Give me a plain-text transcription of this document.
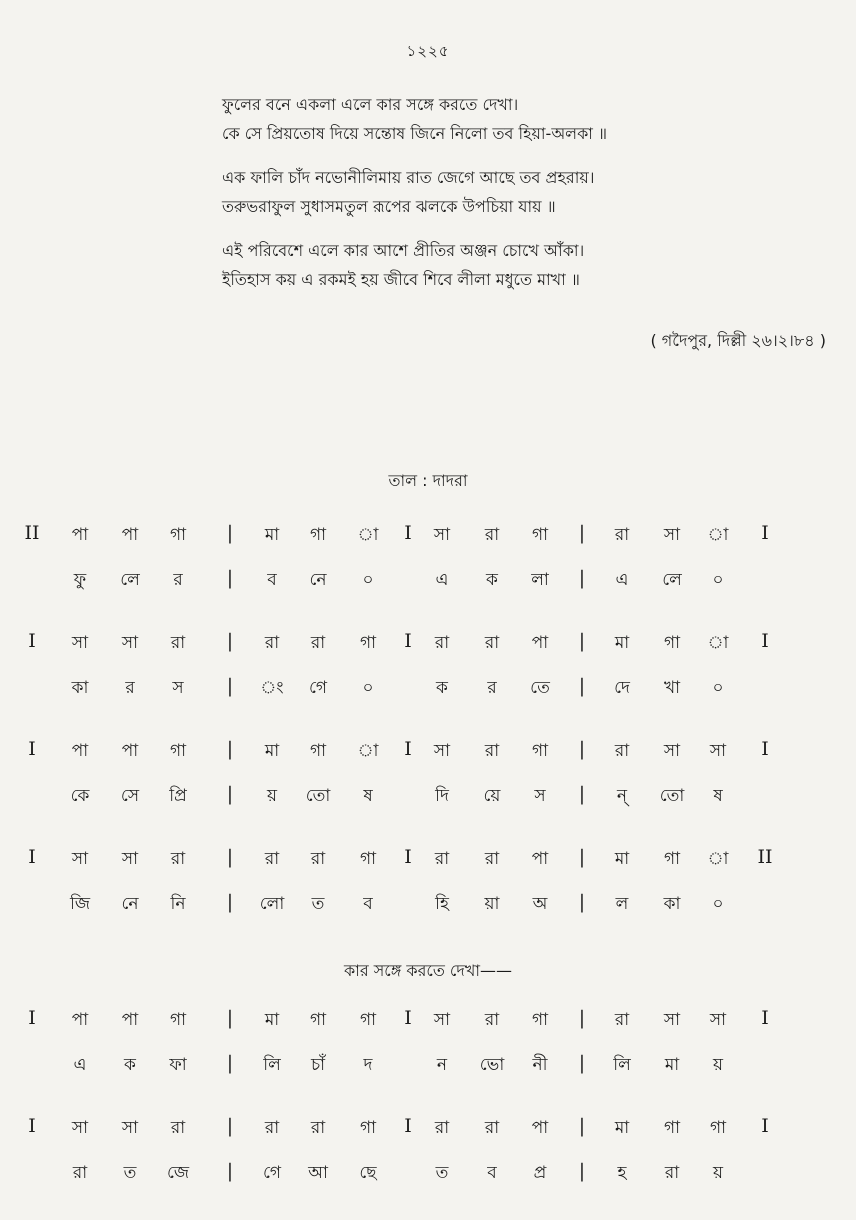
১২২৫
ফুলের বনে একলা এলে কার সঙ্গে করতে দেখা।
কে সে প্রিয়তোষ দিয়ে সন্তোষ জিনে নিলো তব হিয়া-অলকা ॥
এক ফালি চাঁদ নভোনীলিমায় রাত জেগে আছে তব প্রহরায়।
তরুভরাফুল সুধাসমতুল রূপের ঝলকে উপচিয়া যায় ॥
এই পরিবেশে এলে কার আশে প্রীতির অঞ্জন চোখে আঁকা।
ইতিহাস কয় এ রকমই হয় জীবে শিবে লীলা মধুতে মাখা ॥
( গদৈপুর, দিল্লী ২৬।২।৮৪ )
তাল : দাদরা
II পা পা গা | মা গা া I সা রা গা | রা সা া I
ফু লে র | ব নে ০	এ ক লা | এ লে ০
I সা সা রা | রা রা গা I রা রা পা | মা গা া I
কা র স | ং গে ০	ক র তে | দে খা ০
I পা পা গা | মা গা া I সা রা গা | রা সা সা I
কে সে প্রি | য় তো ষ	দি য়ে স | ন্ তো ষ
I সা সা রা | রা রা গা I রা রা পা | মা গা া II
জি নে নি | লো ত ব	হি য়া অ | ল কা ০
কার সঙ্গে করতে দেখা——
I পা পা গা | মা গা গা I সা রা গা | রা সা সা I
এ ক ফা | লি চাঁ দ	ন ভো নী | লি মা য়
I সা সা রা | রা রা গা I রা রা পা | মা গা গা I
রা ত জে | গে আ ছে	ত ব প্র | হ রা য়
